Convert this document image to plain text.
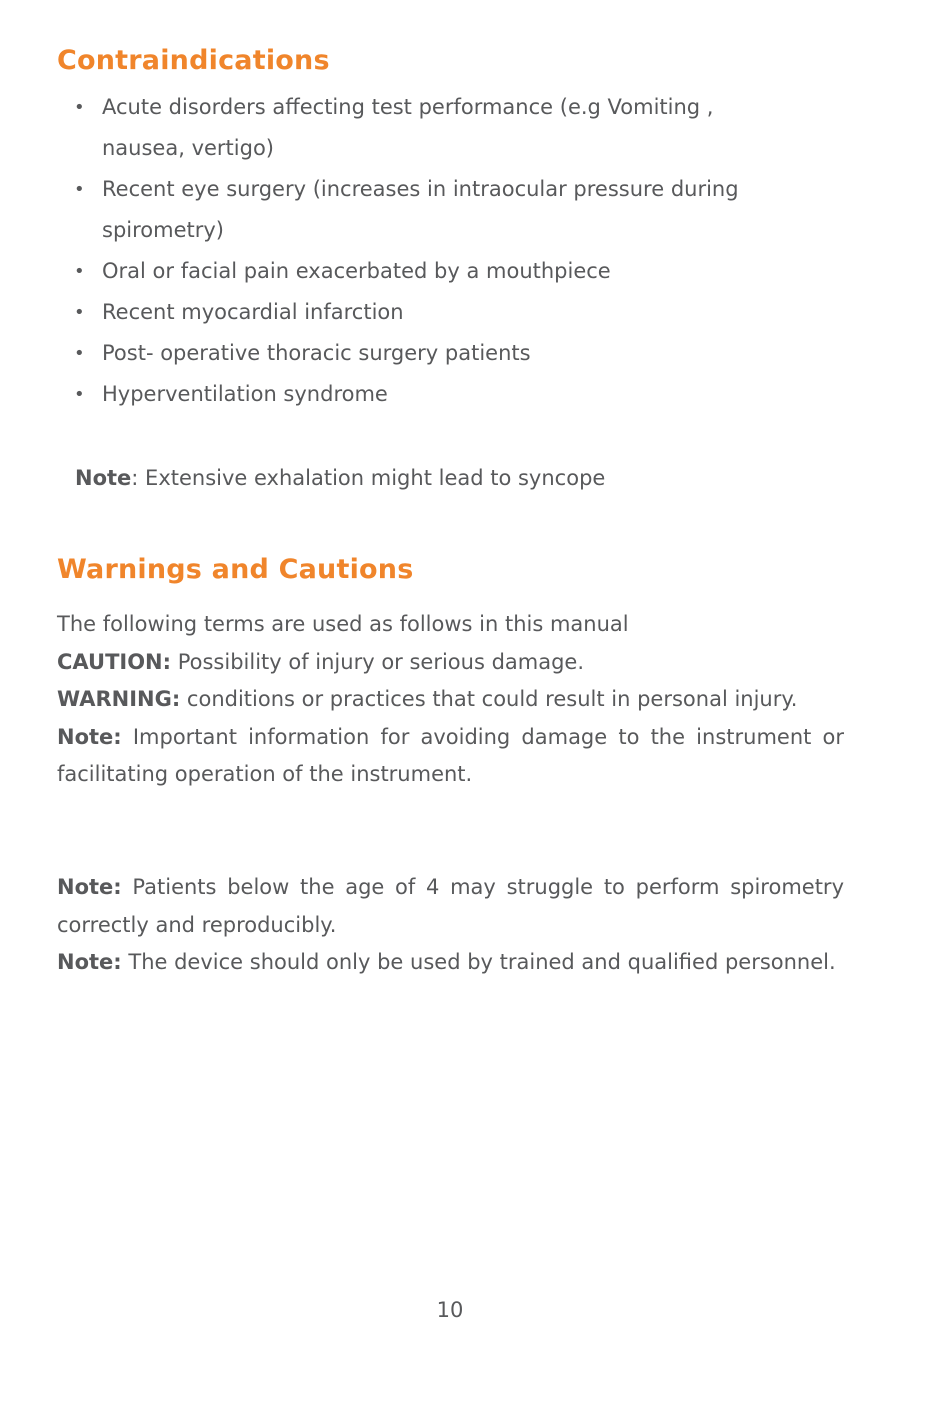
Contraindications
• Acute disorders affecting test performance (e.g Vomiting , nausea, vertigo)
• Recent eye surgery (increases in intraocular pressure during spirometry)
• Oral or facial pain exacerbated by a mouthpiece
• Recent myocardial infarction
• Post- operative thoracic surgery patients
• Hyperventilation syndrome
Note: Extensive exhalation might lead to syncope
Warnings and Cautions

The following terms are used as follows in this manual

CAUTION: Possibility of injury or serious damage.

WARNING: conditions or practices that could result in personal injury.

Note: Important information for avoiding damage to the instrument or facilitating operation of the instrument.

Note: Patients below the age of 4 may struggle to perform spirometry correctly and reproducibly.

Note: The device should only be used by trained and qualified personnel.

10
